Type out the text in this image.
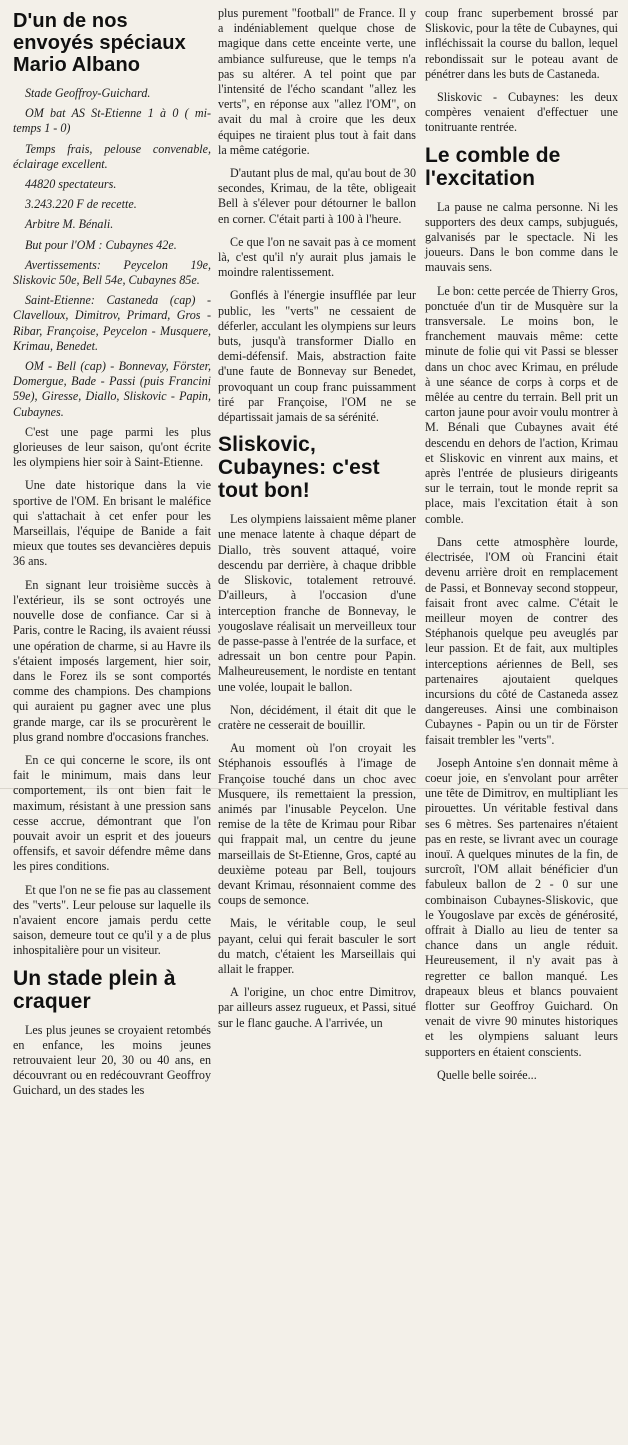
D'un de nos envoyés spéciaux Mario Albano

Stade Geoffroy-Guichard.

OM bat AS St-Etienne 1 à 0 ( mi-temps 1 - 0)

Temps frais, pelouse convenable, éclairage excellent.

44820 spectateurs.

3.243.220 F de recette.

Arbitre M. Bénali.

But pour l'OM : Cubaynes 42e.

Avertissements: Peycelon 19e, Sliskovic 50e, Bell 54e, Cubaynes 85e.

Saint-Etienne: Castaneda (cap) - Clavelloux, Dimitrov, Primard, Gros - Ribar, Françoise, Peycelon - Musquere, Krimau, Benedet.

OM - Bell (cap) - Bonnevay, Förster, Domergue, Bade - Passi (puis Francini 59e), Giresse, Diallo, Sliskovic - Papin, Cubaynes.

C'est une page parmi les plus glorieuses de leur saison, qu'ont écrite les olympiens hier soir à Saint-Etienne.

Une date historique dans la vie sportive de l'OM. En brisant le maléfice qui s'attachait à cet enfer pour les Marseillais, l'équipe de Banide a fait mieux que toutes ses devancières depuis 36 ans.

En signant leur troisième succès à l'extérieur, ils se sont octroyés une nouvelle dose de confiance. Car si à Paris, contre le Racing, ils avaient réussi une opération de charme, si au Havre ils s'étaient imposés largement, hier soir, dans le Forez ils se sont comportés comme des champions. Des champions qui auraient pu gagner avec une plus grande marge, car ils se procurèrent le plus grand nombre d'occasions franches.

En ce qui concerne le score, ils ont fait le minimum, mais dans leur comportement, ils ont bien fait le maximum, résistant à une pression sans cesse accrue, démontrant que l'on pouvait avoir un esprit et des joueurs offensifs, et savoir défendre même dans les pires conditions.

Et que l'on ne se fie pas au classement des "verts". Leur pelouse sur laquelle ils n'avaient encore jamais perdu cette saison, demeure tout ce qu'il y a de plus inhospitalière pour un visiteur.

Un stade plein à craquer

Les plus jeunes se croyaient retombés en enfance, les moins jeunes retrouvaient leur 20, 30 ou 40 ans, en découvrant ou en redécouvrant Geoffroy Guichard, un des stades les

plus purement "football" de France. Il y a indéniablement quelque chose de magique dans cette enceinte verte, une ambiance sulfureuse, que le temps n'a pas su altérer. A tel point que par l'intensité de l'écho scandant "allez les verts", en réponse aux "allez l'OM", on avait du mal à croire que les deux équipes ne tiraient plus tout à fait dans la même catégorie.

D'autant plus de mal, qu'au bout de 30 secondes, Krimau, de la tête, obligeait Bell à s'élever pour détourner le ballon en corner. C'était parti à 100 à l'heure.

Ce que l'on ne savait pas à ce moment là, c'est qu'il n'y aurait plus jamais le moindre ralentissement.

Gonflés à l'énergie insufflée par leur public, les "verts" ne cessaient de déferler, acculant les olympiens sur leurs buts, jusqu'à transformer Diallo en demi-défensif. Mais, abstraction faite d'une faute de Bonnevay sur Benedet, provoquant un coup franc puissamment tiré par Françoise, l'OM ne se départissait jamais de sa sérénité.

Sliskovic, Cubaynes: c'est tout bon!

Les olympiens laissaient même planer une menace latente à chaque départ de Diallo, très souvent attaqué, voire descendu par derrière, à chaque dribble de Sliskovic, totalement retrouvé. D'ailleurs, à l'occasion d'une interception franche de Bonnevay, le yougoslave réalisait un merveilleux tour de passe-passe à l'entrée de la surface, et adressait un bon centre pour Papin. Malheureusement, le nordiste en tentant une volée, loupait le ballon.

Non, décidément, il était dit que le cratère ne cesserait de bouillir.

Au moment où l'on croyait les Stéphanois essouflés à l'image de Françoise touché dans un choc avec Musquere, ils remettaient la pression, animés par l'inusable Peycelon. Une remise de la tête de Krimau pour Ribar qui frappait mal, un centre du jeune marseillais de St-Etienne, Gros, capté au deuxième poteau par Bell, toujours devant Krimau, résonnaient comme des coups de semonce.

Mais, le véritable coup, le seul payant, celui qui ferait basculer le sort du match, c'étaient les Marseillais qui allait le frapper.

A l'origine, un choc entre Dimitrov, par ailleurs assez rugueux, et Passi, situé sur le flanc gauche. A l'arrivée, un

coup franc superbement brossé par Sliskovic, pour la tête de Cubaynes, qui infléchissait la course du ballon, lequel rebondissait sur le poteau avant de pénétrer dans les buts de Castaneda.

Sliskovic - Cubaynes: les deux compères venaient d'effectuer une tonitruante rentrée.

Le comble de l'excitation

La pause ne calma personne. Ni les supporters des deux camps, subjugués, galvanisés par le spectacle. Ni les joueurs. Dans le bon comme dans le mauvais sens.

Le bon: cette percée de Thierry Gros, ponctuée d'un tir de Musquère sur la transversale. Le moins bon, le franchement mauvais même: cette minute de folie qui vit Passi se blesser dans un choc avec Krimau, en prélude à une séance de corps à corps et de mêlée au centre du terrain. Bell prit un carton jaune pour avoir voulu montrer à M. Bénali que Cubaynes avait été descendu en dehors de l'action, Krimau et Sliskovic en vinrent aux mains, et après l'entrée de plusieurs dirigeants sur le terrain, tout le monde reprit sa place, mais l'excitation était à son comble.

Dans cette atmosphère lourde, électrisée, l'OM où Francini était devenu arrière droit en remplacement de Passi, et Bonnevay second stoppeur, faisait front avec calme. C'était le meilleur moyen de contrer des Stéphanois quelque peu aveuglés par leur passion. Et de fait, aux multiples interceptions aériennes de Bell, ses partenaires ajoutaient quelques incursions du côté de Castaneda assez dangereuses. Ainsi une combinaison Cubaynes - Papin ou un tir de Förster faisait trembler les "verts".

Joseph Antoine s'en donnait même à coeur joie, en s'envolant pour arrêter une tête de Dimitrov, en multipliant les pirouettes. Un véritable festival dans ses 6 mètres. Ses partenaires n'étaient pas en reste, se livrant avec un courage inouï. A quelques minutes de la fin, de surcroît, l'OM allait bénéficier d'un fabuleux ballon de 2 - 0 sur une combinaison Cubaynes-Sliskovic, que le Yougoslave par excès de générosité, offrait à Diallo au lieu de tenter sa chance dans un angle réduit. Heureusement, il n'y avait pas à regretter ce ballon manqué. Les drapeaux bleus et blancs pouvaient flotter sur Geoffroy Guichard. On venait de vivre 90 minutes historiques et les olympiens saluant leurs supporters en étaient conscients.

Quelle belle soirée...
